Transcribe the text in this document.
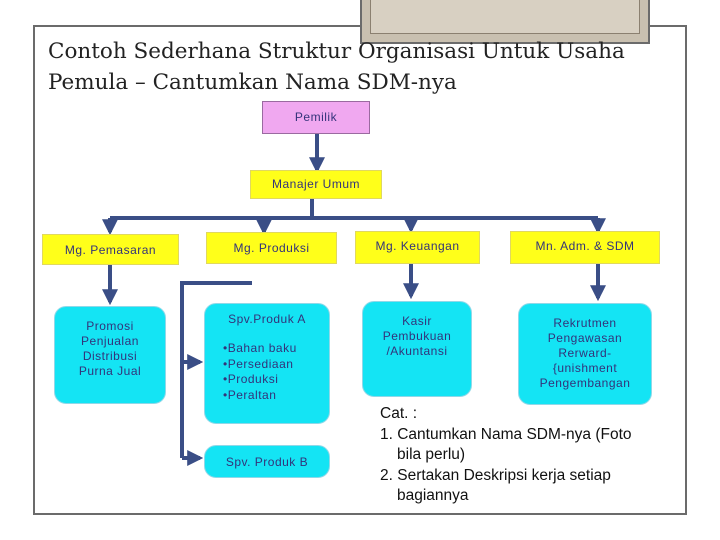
Contoh Sederhana Struktur Organisasi Untuk Usaha
Pemula – Cantumkan Nama SDM-nya
Pemilik
Manajer Umum
Mg. Pemasaran	Mg. Produksi	Mg. Keuangan	Mn. Adm. & SDM
Promosi
Penjualan
Distribusi
Purna Jual
Spv.Produk A
•Bahan baku
•Persediaan
•Produksi
•Peralta​n
Spv. Produk B
Kasir
Pembukuan
/Akuntansi
Rekrutmen
Pengawasan
Rerward-
{unishment
Pengembangan
Cat. :
1. Cantumkan Nama SDM-nya (Foto
bila perlu)
2. Sertakan Deskripsi kerja setiap
bagiannya
